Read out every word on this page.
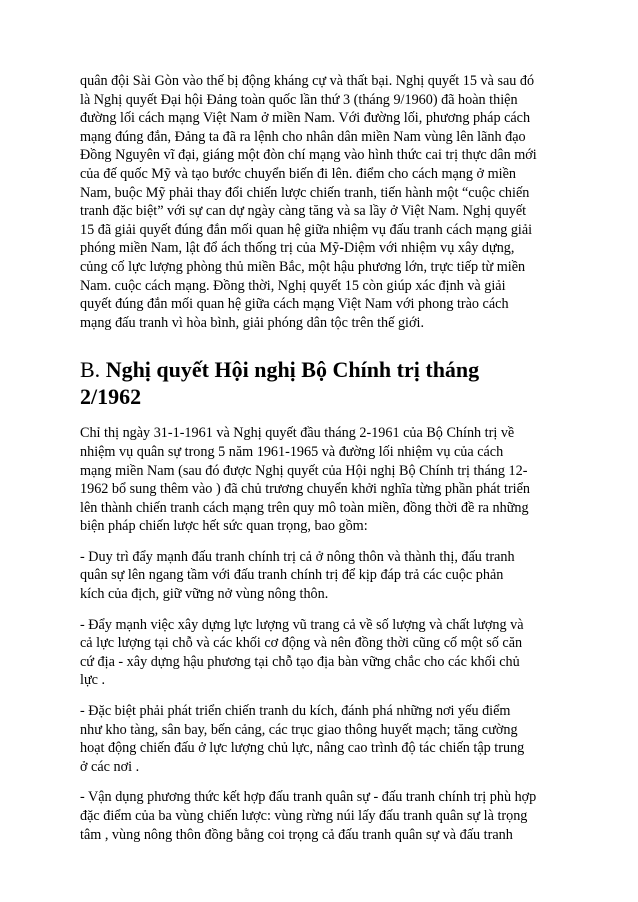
quân đội Sài Gòn vào thế bị động kháng cự và thất bại. Nghị quyết 15 và sau đó
là Nghị quyết Đại hội Đảng toàn quốc lần thứ 3 (tháng 9/1960) đã hoàn thiện
đường lối cách mạng Việt Nam ở miền Nam. Với đường lối, phương pháp cách
mạng đúng đắn, Đảng ta đã ra lệnh cho nhân dân miền Nam vùng lên lãnh đạo
Đồng Nguyên vĩ đại, giáng một đòn chí mạng vào hình thức cai trị thực dân mới
của đế quốc Mỹ và tạo bước chuyển biến đi lên. điểm cho cách mạng ở miền
Nam, buộc Mỹ phải thay đổi chiến lược chiến tranh, tiến hành một “cuộc chiến
tranh đặc biệt” với sự can dự ngày càng tăng và sa lầy ở Việt Nam. Nghị quyết
15 đã giải quyết đúng đắn mối quan hệ giữa nhiệm vụ đấu tranh cách mạng giải
phóng miền Nam, lật đổ ách thống trị của Mỹ-Diệm với nhiệm vụ xây dựng,
củng cố lực lượng phòng thủ miền Bắc, một hậu phương lớn, trực tiếp từ miền
Nam. cuộc cách mạng. Đồng thời, Nghị quyết 15 còn giúp xác định và giải
quyết đúng đắn mối quan hệ giữa cách mạng Việt Nam với phong trào cách
mạng đấu tranh vì hòa bình, giải phóng dân tộc trên thế giới.

B. Nghị quyết Hội nghị Bộ Chính trị tháng
2/1962

Chỉ thị ngày 31-1-1961 và Nghị quyết đầu tháng 2-1961 của Bộ Chính trị về
nhiệm vụ quân sự trong 5 năm 1961-1965 và đường lối nhiệm vụ của cách
mạng miền Nam (sau đó được Nghị quyết của Hội nghị Bộ Chính trị tháng 12-
1962 bổ sung thêm vào ) đã chủ trương chuyển khởi nghĩa từng phần phát triển
lên thành chiến tranh cách mạng trên quy mô toàn miền, đồng thời đề ra những
biện pháp chiến lược hết sức quan trọng, bao gồm:

- Duy trì đẩy mạnh đấu tranh chính trị cả ở nông thôn và thành thị, đấu tranh
quân sự lên ngang tầm với đấu tranh chính trị để kịp đáp trả các cuộc phản
kích của địch, giữ vững nở vùng nông thôn.

- Đẩy mạnh việc xây dựng lực lượng vũ trang cả về số lượng và chất lượng và
cả lực lượng tại chỗ và các khối cơ động và nên đồng thời cũng cố một số căn
cứ địa - xây dựng hậu phương tại chỗ tạo địa bàn vững chắc cho các khối chủ
lực .

- Đặc biệt phải phát triển chiến tranh du kích, đánh phá những nơi yếu điểm
như kho tàng, sân bay, bến cảng, các trục giao thông huyết mạch; tăng cường
hoạt động chiến đấu ở lực lượng chủ lực, nâng cao trình độ tác chiến tập trung
ở các nơi .

- Vận dụng phương thức kết hợp đấu tranh quân sự - đấu tranh chính trị phù hợp
đặc điểm của ba vùng chiến lược: vùng rừng núi lấy đấu tranh quân sự là trọng
tâm , vùng nông thôn đồng bằng coi trọng cả đấu tranh quân sự và đấu tranh
